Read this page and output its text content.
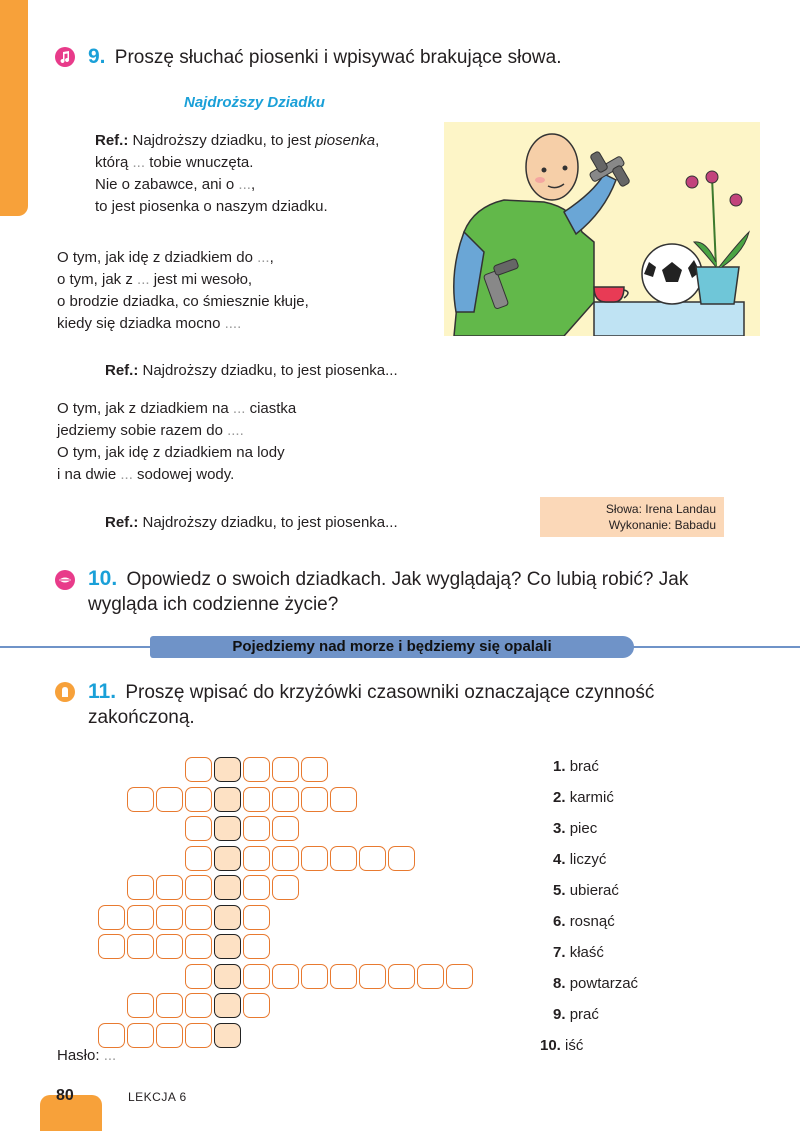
9. Proszę słuchać piosenki i wpisywać brakujące słowa.
Najdroższy Dziadku
Ref.: Najdroższy dziadku, to jest piosenka,
którą ... tobie wnuczęta.
Nie o zabawce, ani o ...,
to jest piosenka o naszym dziadku.
O tym, jak idę z dziadkiem do ...,
o tym, jak z ... jest mi wesoło,
o brodzie dziadka, co śmiesznie kłuje,
kiedy się dziadka mocno ....
Ref.: Najdroższy dziadku, to jest piosenka...
O tym, jak z dziadkiem na ... ciastka
jedziemy sobie razem do ....
O tym, jak idę z dziadkiem na lody
i na dwie ... sodowej wody.
Ref.: Najdroższy dziadku, to jest piosenka...
Słowa: Irena Landau
Wykonanie: Babadu
10. Opowiedz o swoich dziadkach. Jak wyglądają? Co lubią robić? Jak
wygląda ich codzienne życie?
Pojedziemy nad morze i będziemy się opalali
11. Proszę wpisać do krzyżówki czasowniki oznaczające czynność
zakończoną.
1. brać
2. karmić
3. piec
4. liczyć
5. ubierać
6. rosnąć
7. kłaść
8. powtarzać
9. prać
10. iść
Hasło: ...
80	LEKCJA 6
